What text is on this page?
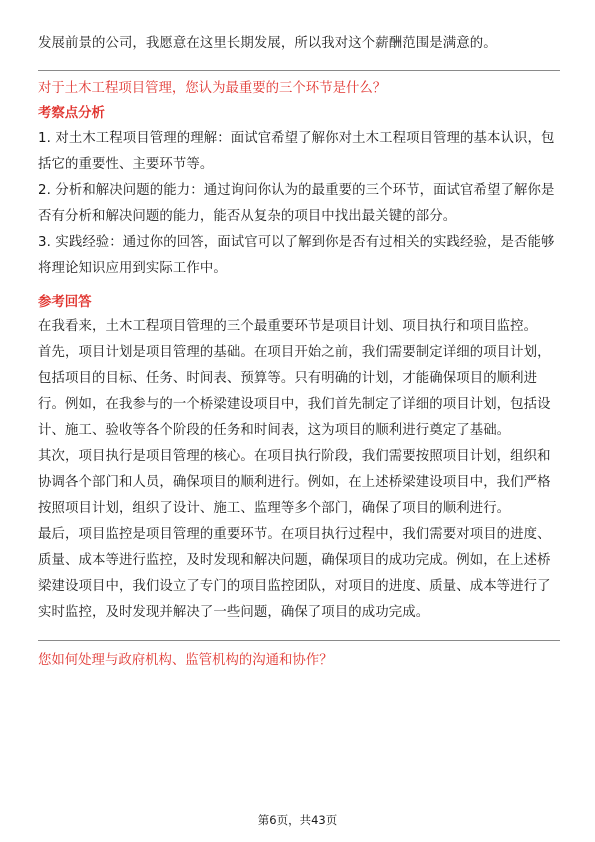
发展前景的公司，我愿意在这里长期发展，所以我对这个薪酬范围是满意的。

对于土木工程项目管理，您认为最重要的三个环节是什么？

考察点分析

1. 对土木工程项目管理的理解：面试官希望了解你对土木工程项目管理的基本认识，包括它的重要性、主要环节等。

2. 分析和解决问题的能力：通过询问你认为的最重要的三个环节，面试官希望了解你是否有分析和解决问题的能力，能否从复杂的项目中找出最关键的部分。

3. 实践经验：通过你的回答，面试官可以了解到你是否有过相关的实践经验，是否能够将理论知识应用到实际工作中。

参考回答

在我看来，土木工程项目管理的三个最重要环节是项目计划、项目执行和项目监控。

首先，项目计划是项目管理的基础。在项目开始之前，我们需要制定详细的项目计划，包括项目的目标、任务、时间表、预算等。只有明确的计划，才能确保项目的顺利进行。例如，在我参与的一个桥梁建设项目中，我们首先制定了详细的项目计划，包括设计、施工、验收等各个阶段的任务和时间表，这为项目的顺利进行奠定了基础。

其次，项目执行是项目管理的核心。在项目执行阶段，我们需要按照项目计划，组织和协调各个部门和人员，确保项目的顺利进行。例如，在上述桥梁建设项目中，我们严格按照项目计划，组织了设计、施工、监理等多个部门，确保了项目的顺利进行。

最后，项目监控是项目管理的重要环节。在项目执行过程中，我们需要对项目的进度、质量、成本等进行监控，及时发现和解决问题，确保项目的成功完成。例如，在上述桥梁建设项目中，我们设立了专门的项目监控团队，对项目的进度、质量、成本等进行了实时监控，及时发现并解决了一些问题，确保了项目的成功完成。

您如何处理与政府机构、监管机构的沟通和协作？

第6页，共43页
